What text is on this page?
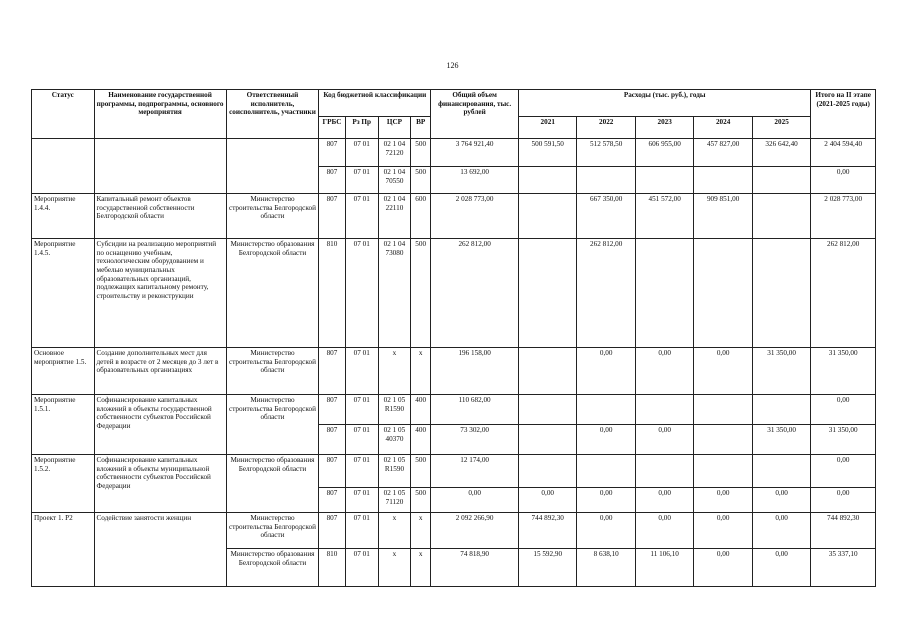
126
Статус	Наименование государственной программы, подпрограммы, основного мероприятия	Ответственный исполнитель, соисполнитель, участники	Код бюджетной классификации				Общий объем финансирования, тыс. рублей	Расходы (тыс. руб.), годы					Итого на II этапе (2021-2025 годы)
			ГРБС	Рз Пр	ЦСР	ВР		2021	2022	2023	2024	2025	
			807	07 01	02 1 04 72120	500	3 764 921,40	500 591,50	512 578,50	606 955,00	457 827,00	326 642,40	2 404 594,40
			807	07 01	02 1 04 70550	500	13 692,00						0,00
Мероприятие 1.4.4.	Капитальный ремонт объектов государственной собственности Белгородской области	Министерство строительства Белгородской области	807	07 01	02 1 04 22110	600	2 028 773,00		667 350,00	451 572,00	909 851,00		2 028 773,00
Мероприятие 1.4.5.	Субсидии на реализацию мероприятий по оснащению учебным, технологическим оборудованием и мебелью муниципальных образовательных организаций, подлежащих капитальному ремонту, строительству и реконструкции	Министерство образования Белгородской области	810	07 01	02 1 04 73080	500	262 812,00		262 812,00				262 812,00
Основное мероприятие 1.5.	Создание дополнительных мест для детей в возрасте от 2 месяцев до 3 лет в образовательных организациях	Министерство строительства Белгородской области	807	07 01	х	х	196 158,00		0,00	0,00	0,00	31 350,00	31 350,00
Мероприятие 1.5.1.	Софинансирование капитальных вложений в объекты государственной собственности субъектов Российской Федерации	Министерство строительства Белгородской области	807	07 01	02 1 05 R1590	400	110 682,00						0,00
			807	07 01	02 1 05 40370	400	73 302,00		0,00	0,00		31 350,00	31 350,00
Мероприятие 1.5.2.	Софинансирование капитальных вложений в объекты муниципальной собственности субъектов Российской Федерации	Министерство образования Белгородской области	807	07 01	02 1 05 R1590	500	12 174,00						0,00
			807	07 01	02 1 05 71120	500	0,00	0,00	0,00	0,00	0,00	0,00	0,00
Проект 1. Р2	Содействие занятости женщин	Министерство строительства Белгородской области	807	07 01	х	х	2 092 266,90	744 892,30	0,00	0,00	0,00	0,00	744 892,30
		Министерство образования Белгородской области	810	07 01	х	х	74 818,90	15 592,90	8 638,10	11 106,10	0,00	0,00	35 337,10
